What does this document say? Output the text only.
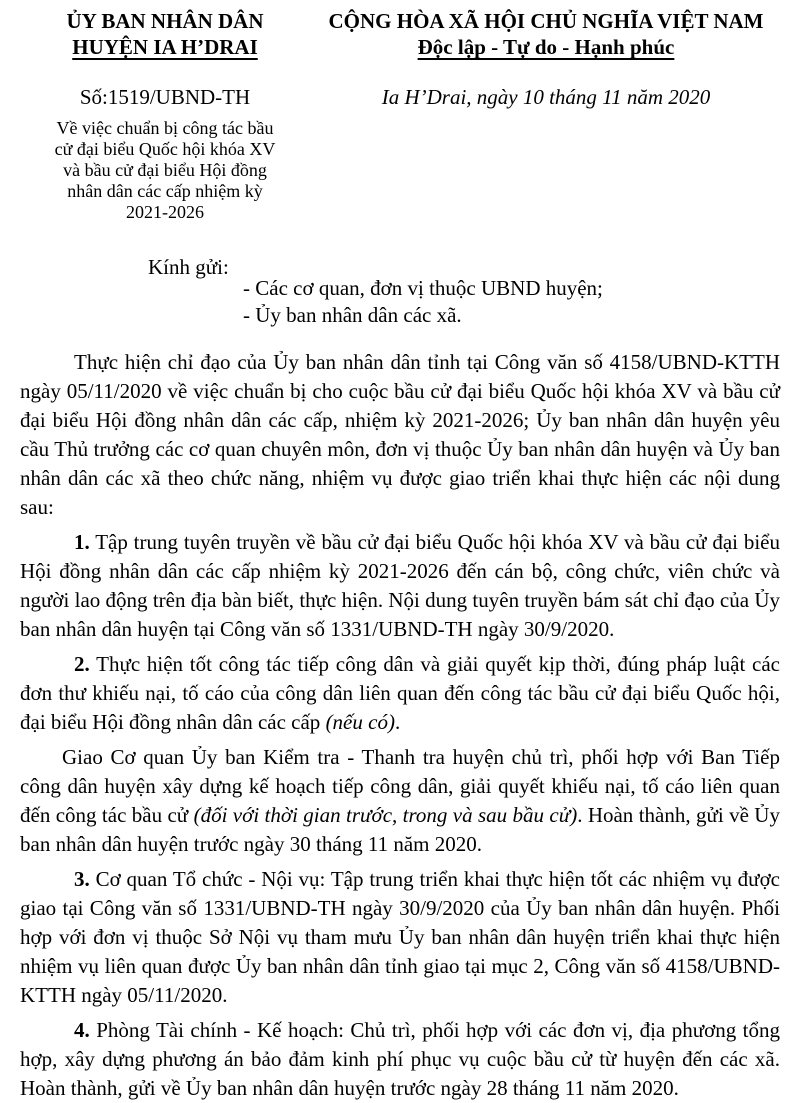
ỦY BAN NHÂN DÂN
HUYỆN IA H’DRAI
CỘNG HÒA XÃ HỘI CHỦ NGHĨA VIỆT NAM
Độc lập - Tự do - Hạnh phúc
Số:1519/UBND-TH	Ia H’Drai, ngày 10 tháng 11 năm 2020
Về việc chuẩn bị công tác bầu
cử đại biểu Quốc hội khóa XV
và bầu cử đại biểu Hội đồng
nhân dân các cấp nhiệm kỳ
2021-2026
Kính gửi:
- Các cơ quan, đơn vị thuộc UBND huyện;
- Ủy ban nhân dân các xã.

Thực hiện chỉ đạo của Ủy ban nhân dân tỉnh tại Công văn số 4158/UBND-KTTH ngày 05/11/2020 về việc chuẩn bị cho cuộc bầu cử đại biểu Quốc hội khóa XV và bầu cử đại biểu Hội đồng nhân dân các cấp, nhiệm kỳ 2021-2026; Ủy ban nhân dân huyện yêu cầu Thủ trưởng các cơ quan chuyên môn, đơn vị thuộc Ủy ban nhân dân huyện và Ủy ban nhân dân các xã theo chức năng, nhiệm vụ được giao triển khai thực hiện các nội dung sau:

1. Tập trung tuyên truyền về bầu cử đại biểu Quốc hội khóa XV và bầu cử đại biểu Hội đồng nhân dân các cấp nhiệm kỳ 2021-2026 đến cán bộ, công chức, viên chức và người lao động trên địa bàn biết, thực hiện. Nội dung tuyên truyền bám sát chỉ đạo của Ủy ban nhân dân huyện tại Công văn số 1331/UBND-TH ngày 30/9/2020.

2. Thực hiện tốt công tác tiếp công dân và giải quyết kịp thời, đúng pháp luật các đơn thư khiếu nại, tố cáo của công dân liên quan đến công tác bầu cử đại biểu Quốc hội, đại biểu Hội đồng nhân dân các cấp (nếu có).

Giao Cơ quan Ủy ban Kiểm tra - Thanh tra huyện chủ trì, phối hợp với Ban Tiếp công dân huyện xây dựng kế hoạch tiếp công dân, giải quyết khiếu nại, tố cáo liên quan đến công tác bầu cử (đối với thời gian trước, trong và sau bầu cử). Hoàn thành, gửi về Ủy ban nhân dân huyện trước ngày 30 tháng 11 năm 2020.

3. Cơ quan Tổ chức - Nội vụ: Tập trung triển khai thực hiện tốt các nhiệm vụ được giao tại Công văn số 1331/UBND-TH ngày 30/9/2020 của Ủy ban nhân dân huyện. Phối hợp với đơn vị thuộc Sở Nội vụ tham mưu Ủy ban nhân dân huyện triển khai thực hiện nhiệm vụ liên quan được Ủy ban nhân dân tỉnh giao tại mục 2, Công văn số 4158/UBND-KTTH ngày 05/11/2020.

4. Phòng Tài chính - Kế hoạch: Chủ trì, phối hợp với các đơn vị, địa phương tổng hợp, xây dựng phương án bảo đảm kinh phí phục vụ cuộc bầu cử từ huyện đến các xã. Hoàn thành, gửi về Ủy ban nhân dân huyện trước ngày 28 tháng 11 năm 2020.
